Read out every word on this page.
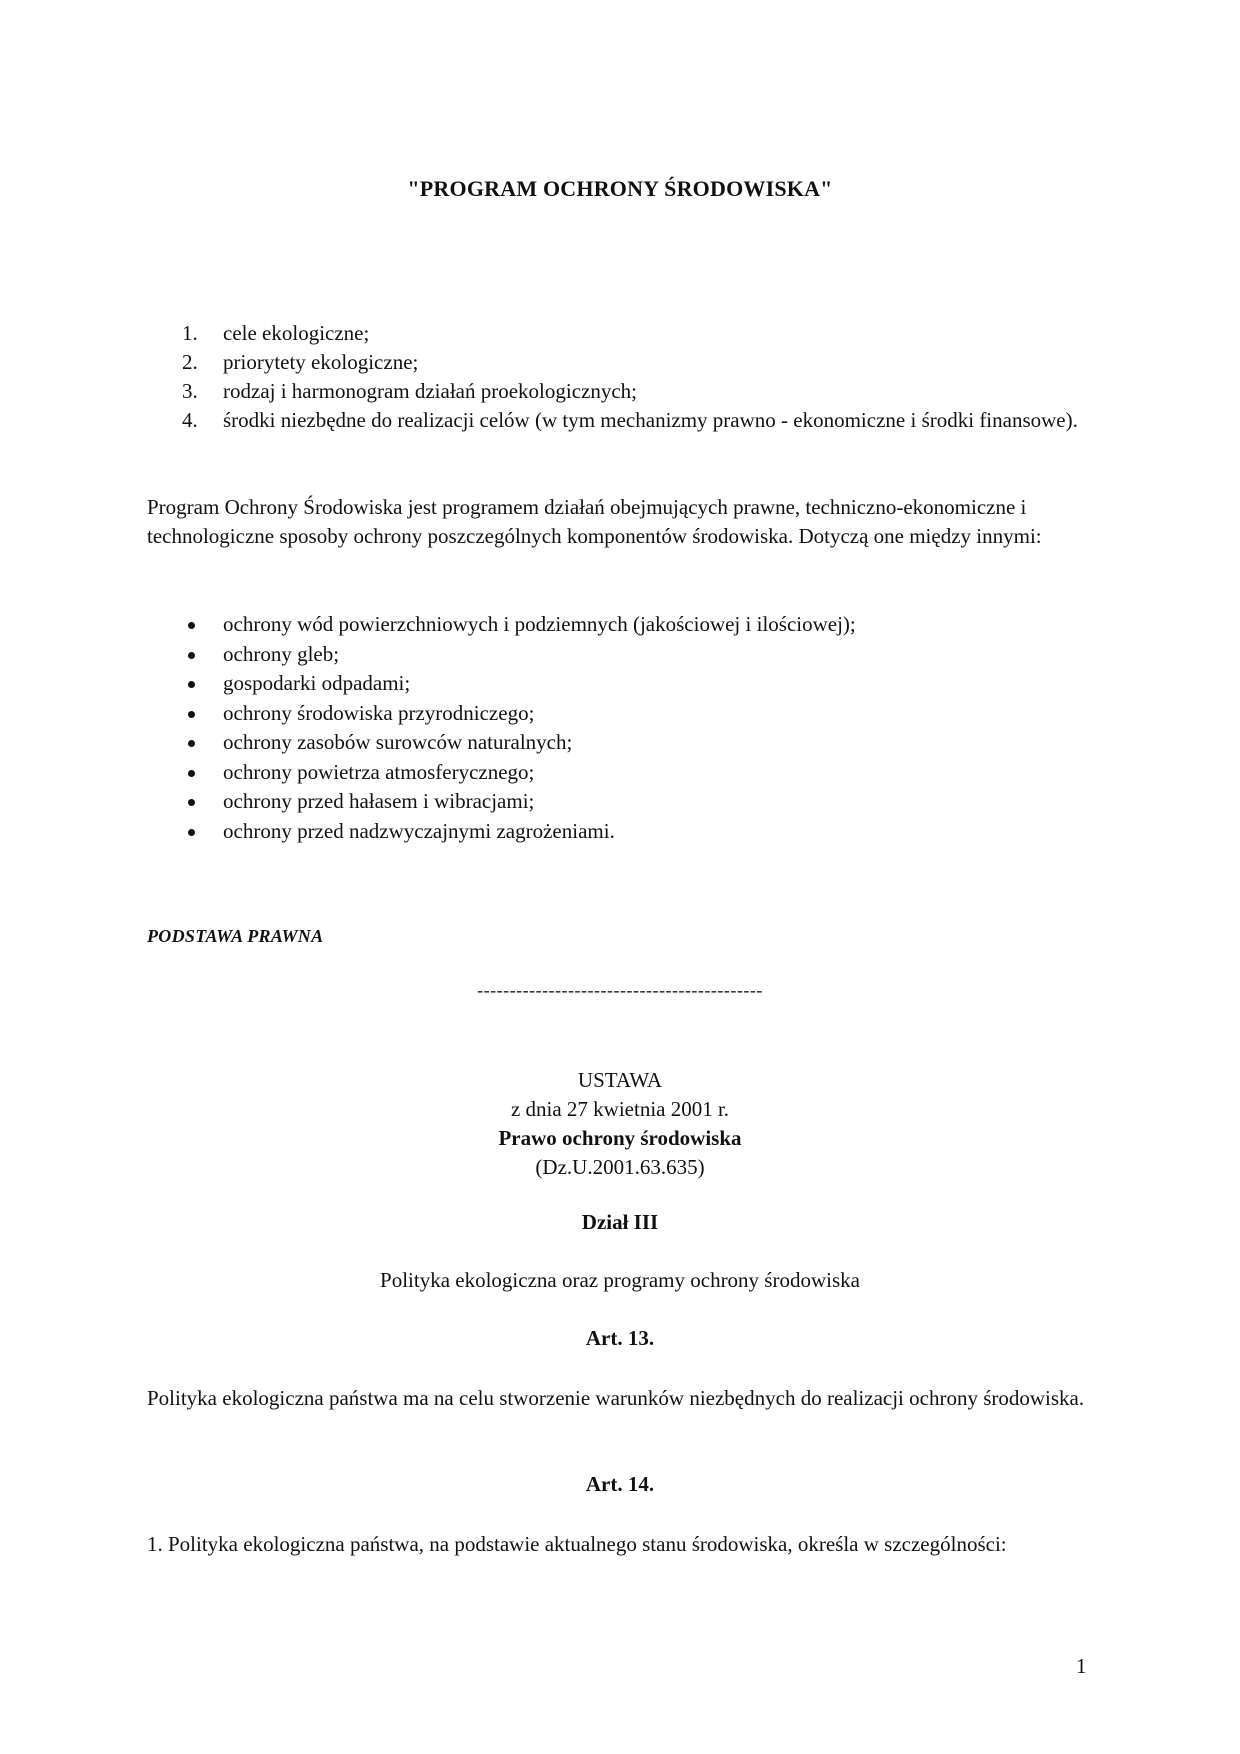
"PROGRAM OCHRONY ŚRODOWISKA"
1.	cele ekologiczne;
2.	priorytety ekologiczne;
3.	rodzaj i harmonogram działań proekologicznych;
4.	środki niezbędne do realizacji celów (w tym mechanizmy prawno - ekonomiczne i środki finansowe).
Program Ochrony Środowiska jest programem działań obejmujących prawne, techniczno-ekonomiczne i technologiczne sposoby ochrony poszczególnych komponentów środowiska. Dotyczą one między innymi:
ochrony wód powierzchniowych i podziemnych (jakościowej i ilościowej);
ochrony gleb;
gospodarki odpadami;
ochrony środowiska przyrodniczego;
ochrony zasobów surowców naturalnych;
ochrony powietrza atmosferycznego;
ochrony przed hałasem i wibracjami;
ochrony przed nadzwyczajnymi zagrożeniami.
PODSTAWA PRAWNA
--------------------------------------------
USTAWA
z dnia 27 kwietnia 2001 r.
Prawo ochrony środowiska
(Dz.U.2001.63.635)
Dział III
Polityka ekologiczna oraz programy ochrony środowiska
Art. 13.
Polityka ekologiczna państwa ma na celu stworzenie warunków niezbędnych do realizacji ochrony środowiska.
Art. 14.
1. Polityka ekologiczna państwa, na podstawie aktualnego stanu środowiska, określa w szczególności:
1
